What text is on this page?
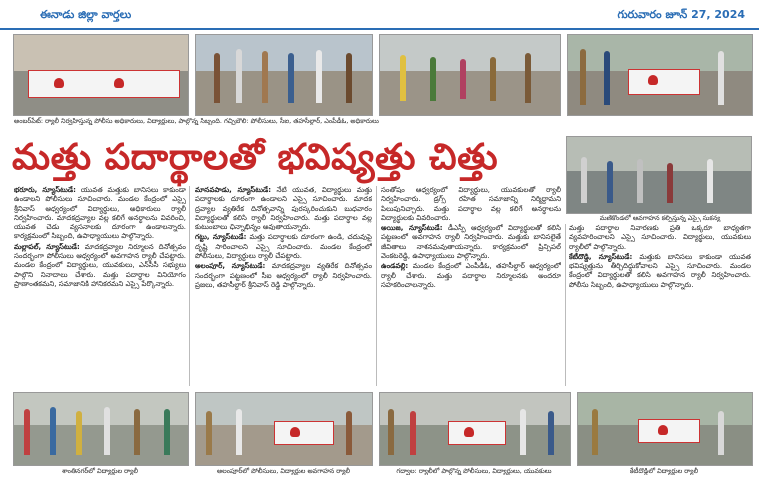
ఈనాడు జిల్లా వార్తలు	గురువారం జూన్ 27, 2024
అంబర్‌పేట్: ర్యాలీ నిర్వహిస్తున్న పోలీసు అధికారులు, విద్యార్థులు, పాల్గొన్న సిబ్బంది. గచ్చిబౌలి: పోలీసులు, సీఐ, తహసీల్దార్, ఎంపీడీఓ, అధికారులు
మత్తు పదార్థాలతో భవిష్యత్తు చిత్తు
మణికొండలో ఆవగాహన కల్పిస్తున్న ఎస్సై సుకన్య

భరూరు, న్యూస్‌టుడే: యువత మత్తుకు బానిసలు కాకుండా ఉండాలని పోలీసులు సూచించారు. మండల కేంద్రంలో ఎస్సై శ్రీనివాస్ ఆధ్వర్యంలో విద్యార్థులు, అధికారులు ర్యాలీ నిర్వహించారు. మాదకద్రవ్యాల వల్ల కలిగే అనర్థాలను వివరించి, యువత చెడు వ్యసనాలకు దూరంగా ఉండాలన్నారు. కార్యక్రమంలో సిబ్బంది, ఉపాధ్యాయులు పాల్గొన్నారు.

మల్లాపల్, న్యూస్‌టుడే: మాదకద్రవ్యాల నిర్మూలన దినోత్సవం సందర్భంగా పోలీసులు ఆధ్వర్యంలో అవగాహన ర్యాలీ చేపట్టారు. మండల కేంద్రంలో విద్యార్థులు, యువకులు, ఎన్‌సీసీ సభ్యులు పాల్గొని నినాదాలు చేశారు. మత్తు పదార్థాల వినియోగం ప్రాణాంతకమని, సమాజానికి హానికరమని ఎస్సై పేర్కొన్నారు.

మానవపాడు, న్యూస్‌టుడే: నేటి యువత, విద్యార్థులు మత్తు పదార్థాలకు దూరంగా ఉండాలని ఎస్సై సూచించారు. మాదక ద్రవ్యాల వ్యతిరేక దినోత్సవాన్ని పురస్కరించుకుని బుధవారం విద్యార్థులతో కలిసి ర్యాలీ నిర్వహించారు. మత్తు పదార్థాల వల్ల కుటుంబాలు ఛిన్నాభిన్నం అవుతాయన్నారు.

గట్టు, న్యూస్‌టుడే: మత్తు పదార్థాలకు దూరంగా ఉండి, చదువుపై దృష్టి సారించాలని ఎస్సై సూచించారు. మండల కేంద్రంలో పోలీసులు, విద్యార్థులు ర్యాలీ చేపట్టారు.

అలంపూర్, న్యూస్‌టుడే: మాదకద్రవ్యాల వ్యతిరేక దినోత్సవం సందర్భంగా పట్టణంలో సీఐ ఆధ్వర్యంలో ర్యాలీ నిర్వహించారు. ప్రజలు, తహసీల్దార్ శ్రీనివాస్ రెడ్డి పాల్గొన్నారు.

సంతోషం ఆధ్వర్యంలో విద్యార్థులు, యువకులతో ర్యాలీ నిర్వహించారు. డ్రగ్స్ రహిత సమాజాన్ని నిర్మిద్దామని పిలుపునిచ్చారు. మత్తు పదార్థాల వల్ల కలిగే అనర్థాలను విద్యార్థులకు వివరించారు.

అయిజ, న్యూస్‌టుడే: డీఎస్పీ ఆధ్వర్యంలో విద్యార్థులతో కలిసి పట్టణంలో అవగాహన ర్యాలీ నిర్వహించారు. మత్తుకు బానిసలైతే జీవితాలు నాశనమవుతాయన్నారు. కార్యక్రమంలో ప్రిన్సిపల్ వెంకటరెడ్డి, ఉపాధ్యాయులు పాల్గొన్నారు.

ఉండవల్లి: మండల కేంద్రంలో ఎంపీడీఓ, తహసీల్దార్ ఆధ్వర్యంలో ర్యాలీ చేశారు. మత్తు పదార్థాల నిర్మూలనకు అందరూ సహకరించాలన్నారు.

మత్తు పదార్థాల నివారణకు ప్రతి ఒక్కరూ బాధ్యతగా వ్యవహరించాలని ఎస్సై సూచించారు. విద్యార్థులు, యువకులు ర్యాలీలో పాల్గొన్నారు.

కేటీదొడ్డి, న్యూస్‌టుడే: మత్తుకు బానిసలు కాకుండా యువత భవిష్యత్తును తీర్చిదిద్దుకోవాలని ఎస్సై సూచించారు. మండల కేంద్రంలో విద్యార్థులతో కలిసి అవగాహన ర్యాలీ నిర్వహించారు. పోలీసు సిబ్బంది, ఉపాధ్యాయులు పాల్గొన్నారు.

శాంతినగర్‌లో విద్యార్థుల ర్యాలీ	అలంపూర్‌లో పోలీసులు, విద్యార్థుల అవగాహన ర్యాలీ	గద్వాల: ర్యాలీలో పాల్గొన్న పోలీసులు, విద్యార్థులు, యువకులు	కేటీదొడ్డిలో విద్యార్థుల ర్యాలీ
